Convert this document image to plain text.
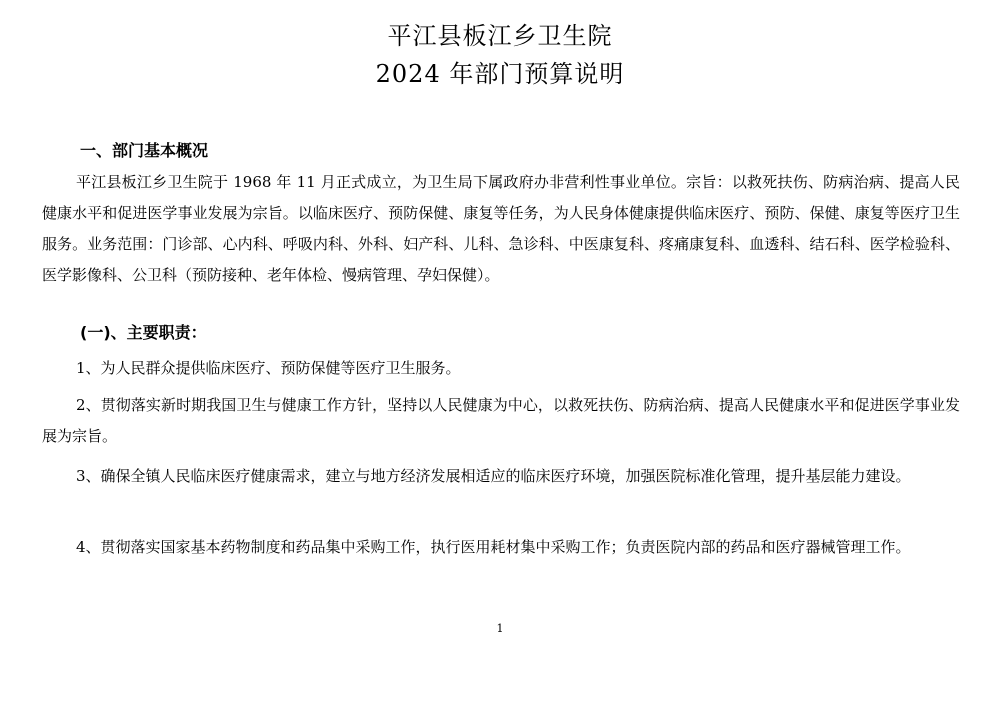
平江县板江乡卫生院
2024 年部门预算说明
一、部门基本概况

平江县板江乡卫生院于 1968 年 11 月正式成立，为卫生局下属政府办非营利性事业单位。宗旨：以救死扶伤、防病治病、提高人民健康水平和促进医学事业发展为宗旨。以临床医疗、预防保健、康复等任务，为人民身体健康提供临床医疗、预防、保健、康复等医疗卫生服务。业务范围：门诊部、心内科、呼吸内科、外科、妇产科、儿科、急诊科、中医康复科、疼痛康复科、血透科、结石科、医学检验科、医学影像科、公卫科（预防接种、老年体检、慢病管理、孕妇保健）。

(一)、主要职责：

1、为人民群众提供临床医疗、预防保健等医疗卫生服务。

2、贯彻落实新时期我国卫生与健康工作方针，坚持以人民健康为中心，以救死扶伤、防病治病、提高人民健康水平和促进医学事业发展为宗旨。

3、确保全镇人民临床医疗健康需求，建立与地方经济发展相适应的临床医疗环境，加强医院标准化管理，提升基层能力建设。

4、贯彻落实国家基本药物制度和药品集中采购工作，执行医用耗材集中采购工作；负责医院内部的药品和医疗器械管理工作。

1
